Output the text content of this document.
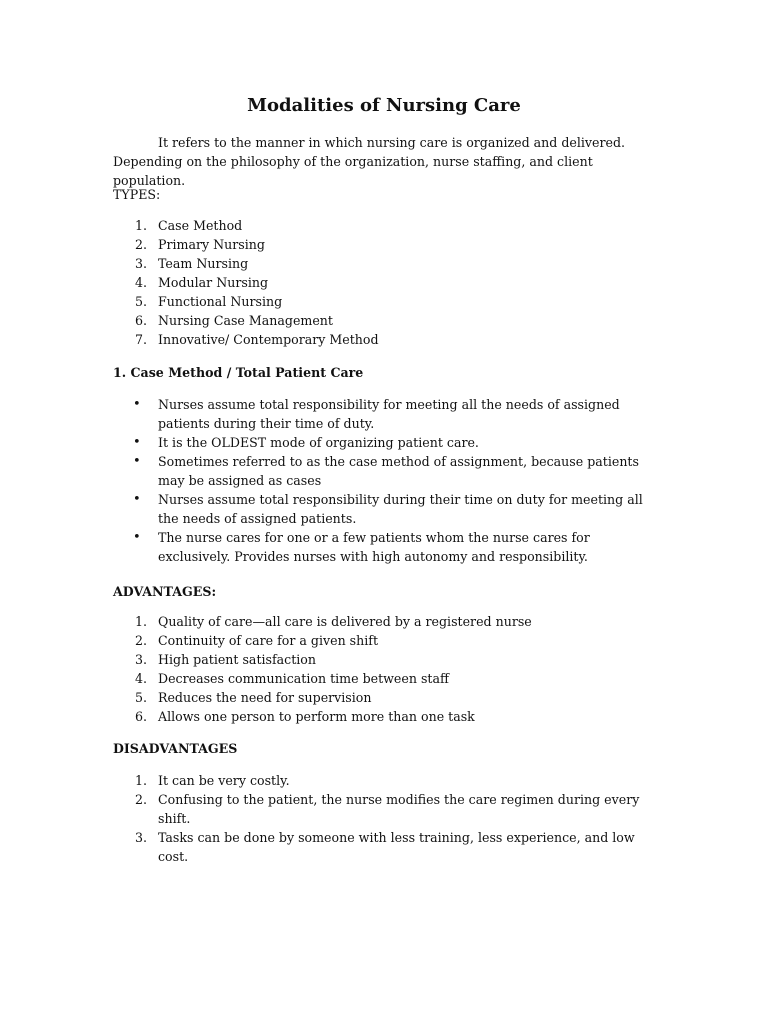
Modalities of Nursing Care

It refers to the manner in which nursing care is organized and delivered. Depending on the philosophy of the organization, nurse staffing, and client population.

TYPES:

1. Case Method
2. Primary Nursing
3. Team Nursing
4. Modular Nursing
5. Functional Nursing
6. Nursing Case Management
7. Innovative/ Contemporary Method

1. Case Method / Total Patient Care

• Nurses assume total responsibility for meeting all the needs of assigned patients during their time of duty.
• It is the OLDEST mode of organizing patient care.
• Sometimes referred to as the case method of assignment, because patients may be assigned as cases
• Nurses assume total responsibility during their time on duty for meeting all the needs of assigned patients.
• The nurse cares for one or a few patients whom the nurse cares for exclusively. Provides nurses with high autonomy and responsibility.

ADVANTAGES:

1. Quality of care—all care is delivered by a registered nurse
2. Continuity of care for a given shift
3. High patient satisfaction
4. Decreases communication time between staff
5. Reduces the need for supervision
6. Allows one person to perform more than one task

DISADVANTAGES

1. It can be very costly.
2. Confusing to the patient, the nurse modifies the care regimen during every shift.
3. Tasks can be done by someone with less training, less experience, and low cost.
